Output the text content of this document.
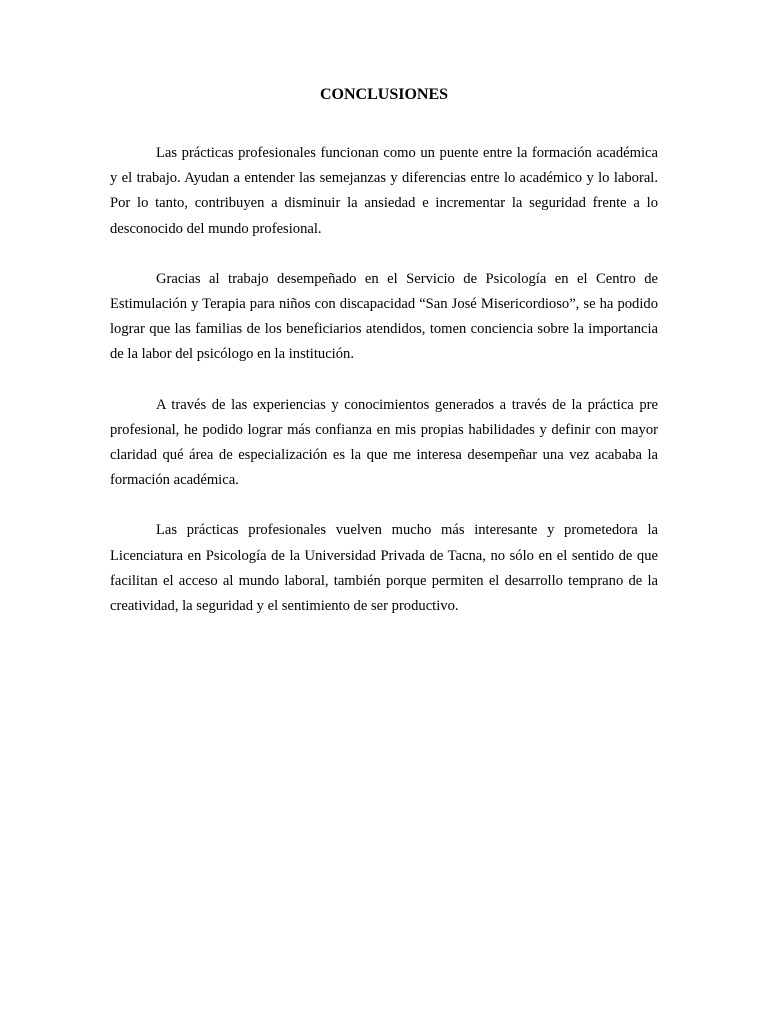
CONCLUSIONES

Las prácticas profesionales funcionan como un puente entre la formación académica y el trabajo. Ayudan a entender las semejanzas y diferencias entre lo académico y lo laboral. Por lo tanto, contribuyen a disminuir la ansiedad e incrementar la seguridad frente a lo desconocido del mundo profesional.

Gracias al trabajo desempeñado en el Servicio de Psicología en el Centro de Estimulación y Terapia para niños con discapacidad “San José Misericordioso”, se ha podido lograr que las familias de los beneficiarios atendidos, tomen conciencia sobre la importancia de la labor del psicólogo en la institución.

A través de las experiencias y conocimientos generados a través de la práctica pre profesional, he podido lograr más confianza en mis propias habilidades y definir con mayor claridad qué área de especialización es la que me interesa desempeñar una vez acababa la formación académica.

Las prácticas profesionales vuelven mucho más interesante y prometedora la Licenciatura en Psicología de la Universidad Privada de Tacna, no sólo en el sentido de que facilitan el acceso al mundo laboral, también porque permiten el desarrollo temprano de la creatividad, la seguridad y el sentimiento de ser productivo.
